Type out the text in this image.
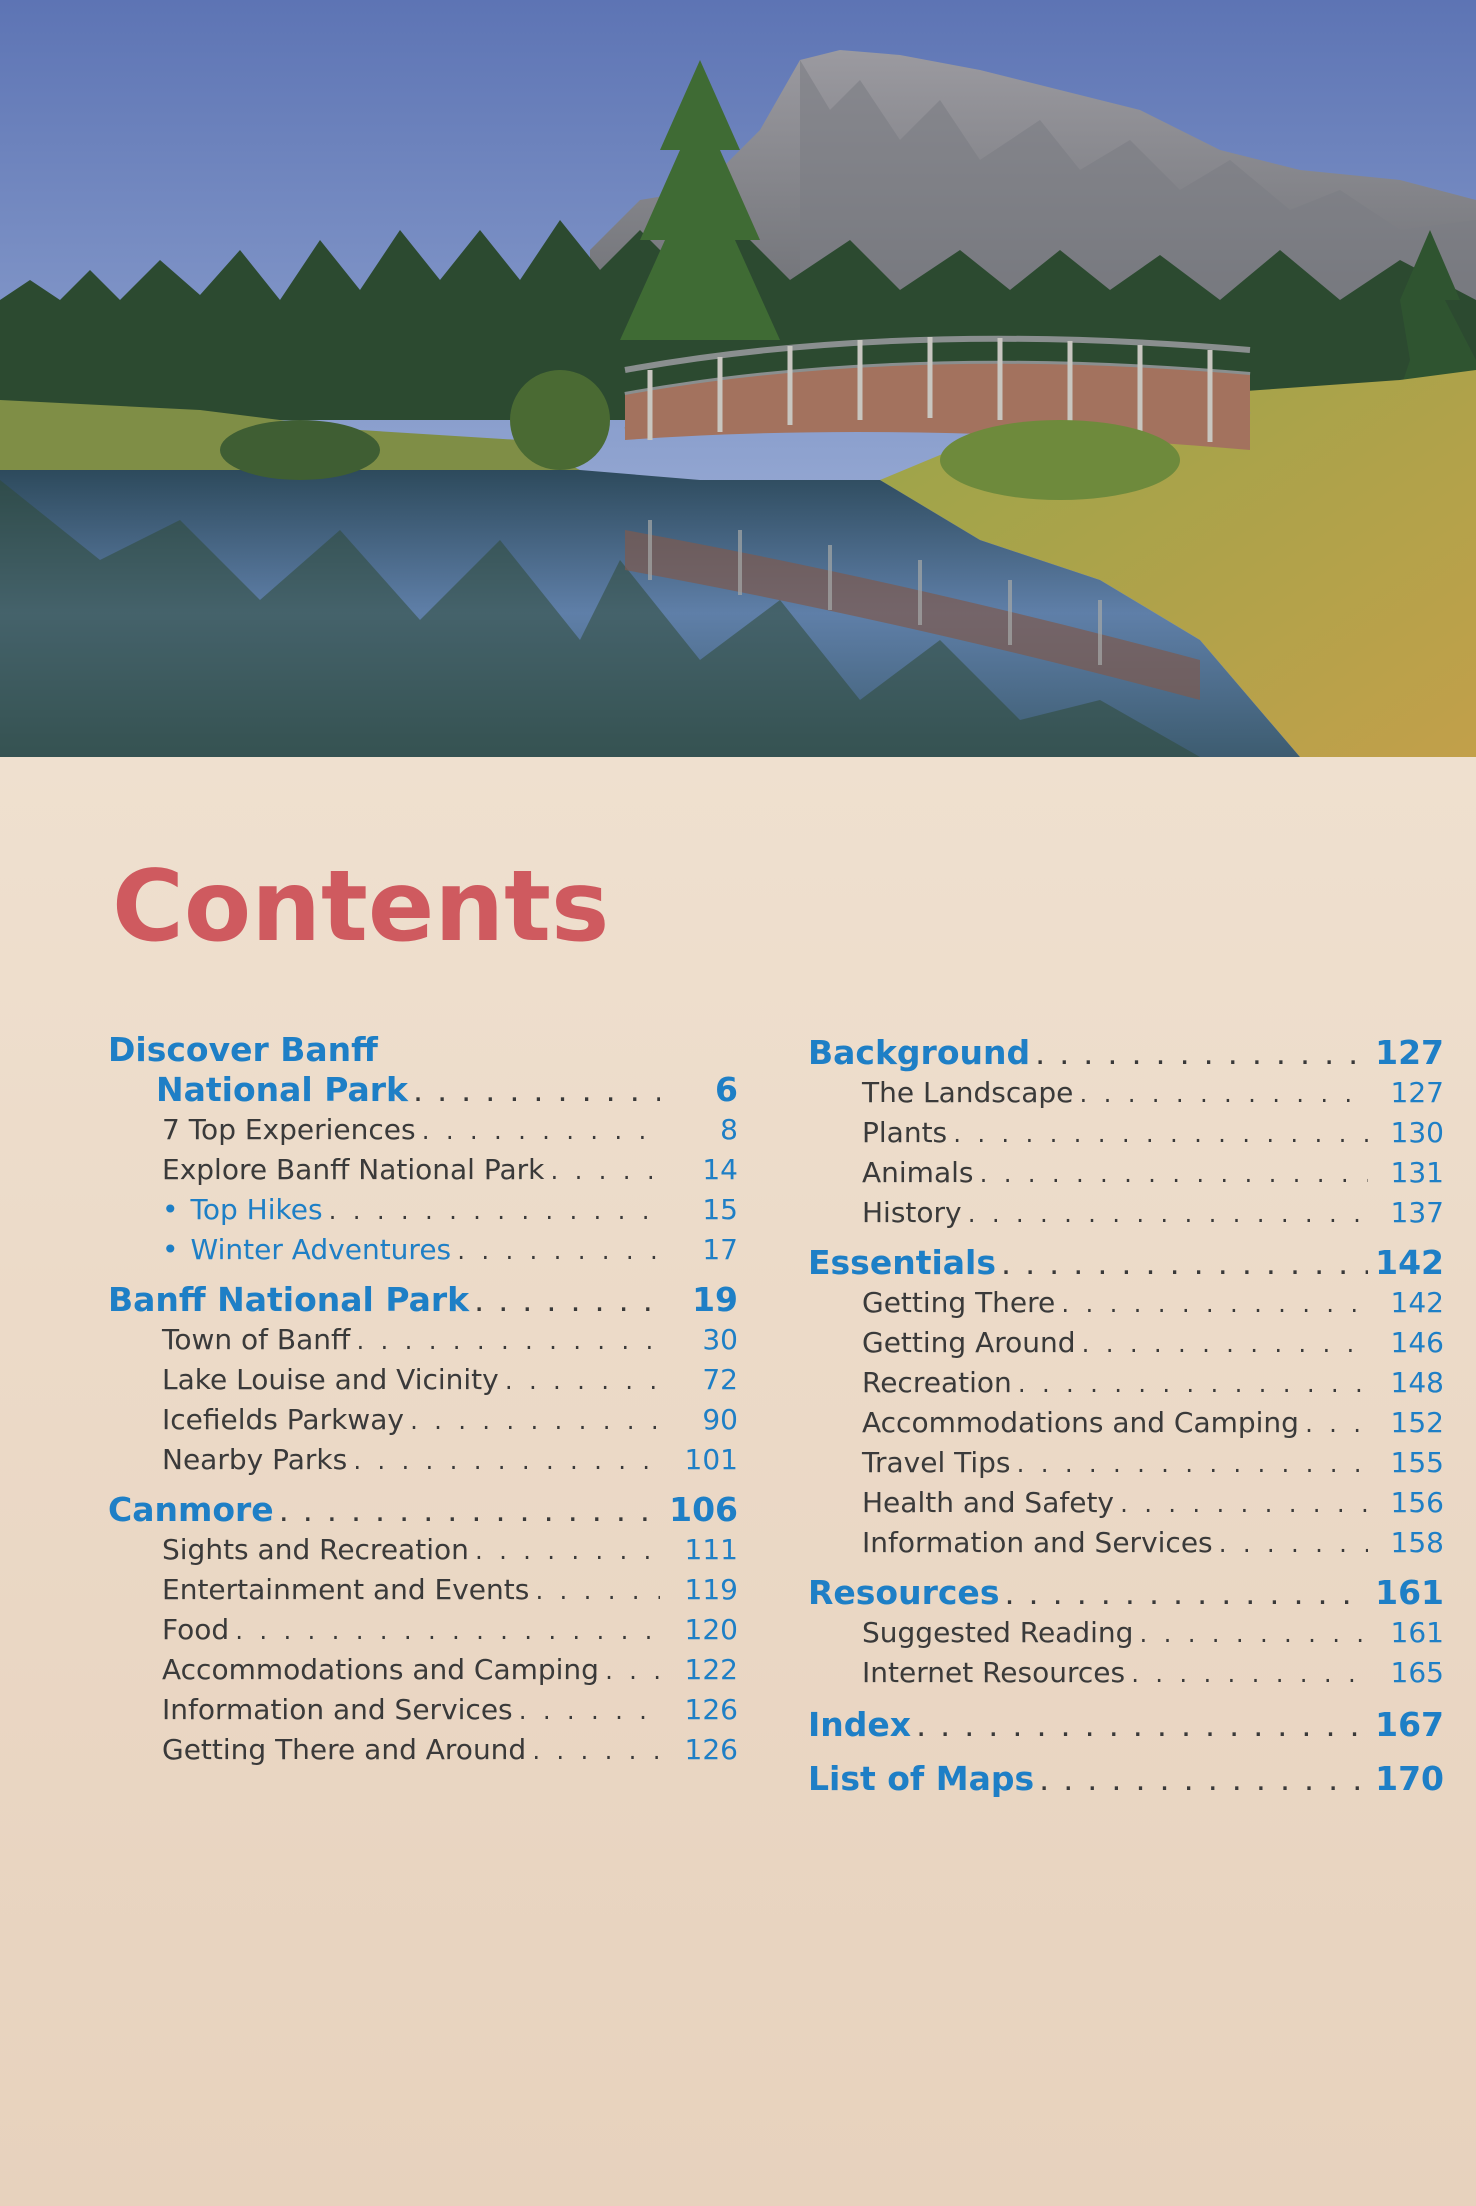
Contents
Discover Banff
National Park . . .	6
7 Top Experiences . . .	8
Explore Banff National Park . . .	14
• Top Hikes . . .	15
• Winter Adventures . . .	17
Banff National Park . . .	19
Town of Banff . . .	30
Lake Louise and Vicinity . . .	72
Icefields Parkway . . .	90
Nearby Parks . . .	101
Canmore . . .	106
Sights and Recreation . . .	111
Entertainment and Events . . .	119
Food . . .	120
Accommodations and Camping . . .	122
Information and Services . . .	126
Getting There and Around . . .	126
Background . . .	127
The Landscape . . .	127
Plants . . .	130
Animals . . .	131
History . . .	137
Essentials . . .	142
Getting There . . .	142
Getting Around . . .	146
Recreation . . .	148
Accommodations and Camping . . .	152
Travel Tips . . .	155
Health and Safety . . .	156
Information and Services . . .	158
Resources . . .	161
Suggested Reading . . .	161
Internet Resources . . .	165
Index . . .	167
List of Maps . . .	170
